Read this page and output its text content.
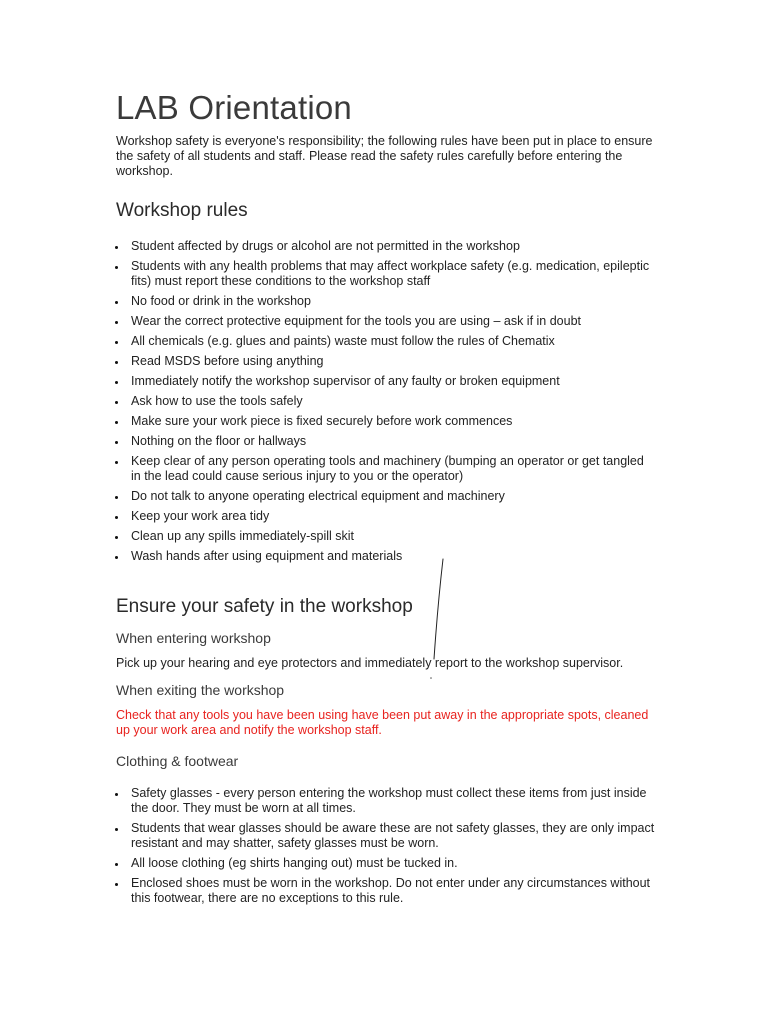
LAB Orientation

Workshop safety is everyone's responsibility; the following rules have been put in place to ensure the safety of all students and staff. Please read the safety rules carefully before entering the workshop.

Workshop rules
Student affected by drugs or alcohol are not permitted in the workshop
Students with any health problems that may affect workplace safety (e.g. medication, epileptic fits) must report these conditions to the workshop staff
No food or drink in the workshop
Wear the correct protective equipment for the tools you are using – ask if in doubt
All chemicals (e.g. glues and paints) waste must follow the rules of Chematix
Read MSDS before using anything
Immediately notify the workshop supervisor of any faulty or broken equipment
Ask how to use the tools safely
Make sure your work piece is fixed securely before work commences
Nothing on the floor or hallways
Keep clear of any person operating tools and machinery (bumping an operator or get tangled in the lead could cause serious injury to you or the operator)
Do not talk to anyone operating electrical equipment and machinery
Keep your work area tidy
Clean up any spills immediately-spill skit
Wash hands after using equipment and materials
Ensure your safety in the workshop
When entering workshop

Pick up your hearing and eye protectors and immediately report to the workshop supervisor.

When exiting the workshop

Check that any tools you have been using have been put away in the appropriate spots, cleaned up your work area and notify the workshop staff.

Clothing & footwear
Safety glasses - every person entering the workshop must collect these items from just inside the door. They must be worn at all times.
Students that wear glasses should be aware these are not safety glasses, they are only impact resistant and may shatter, safety glasses must be worn.
All loose clothing (eg shirts hanging out) must be tucked in.
Enclosed shoes must be worn in the workshop. Do not enter under any circumstances without this footwear, there are no exceptions to this rule.
